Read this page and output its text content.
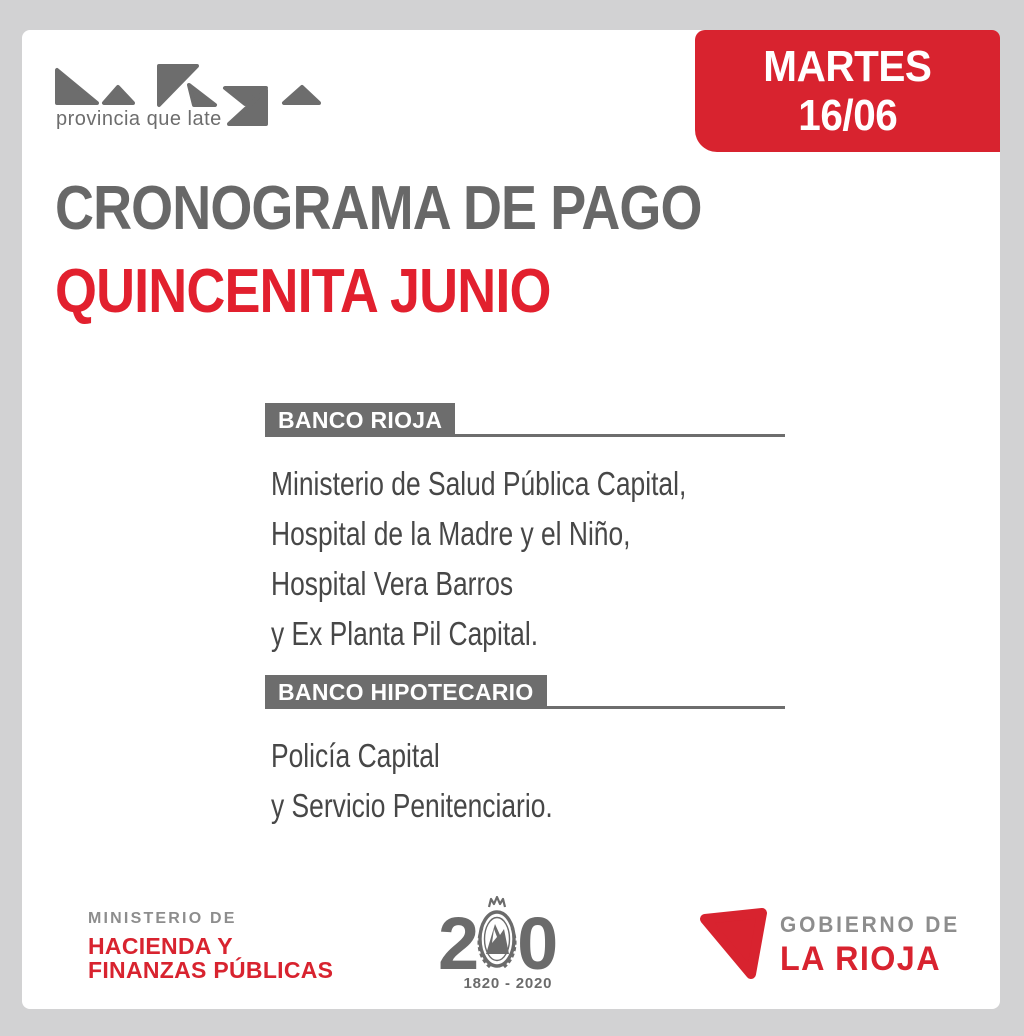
provincia que late
MARTES
16/06
CRONOGRAMA DE PAGO
QUINCENITA JUNIO
BANCO RIOJA
Ministerio de Salud Pública Capital,
Hospital de la Madre y el Niño,
Hospital Vera Barros
y Ex Planta Pil Capital.
BANCO HIPOTECARIO
Policía Capital
y Servicio Penitenciario.
MINISTERIO DE
HACIENDA Y
FINANZAS PÚBLICAS 2 0
1820 - 2020
GOBIERNO DE
LA RIOJA
